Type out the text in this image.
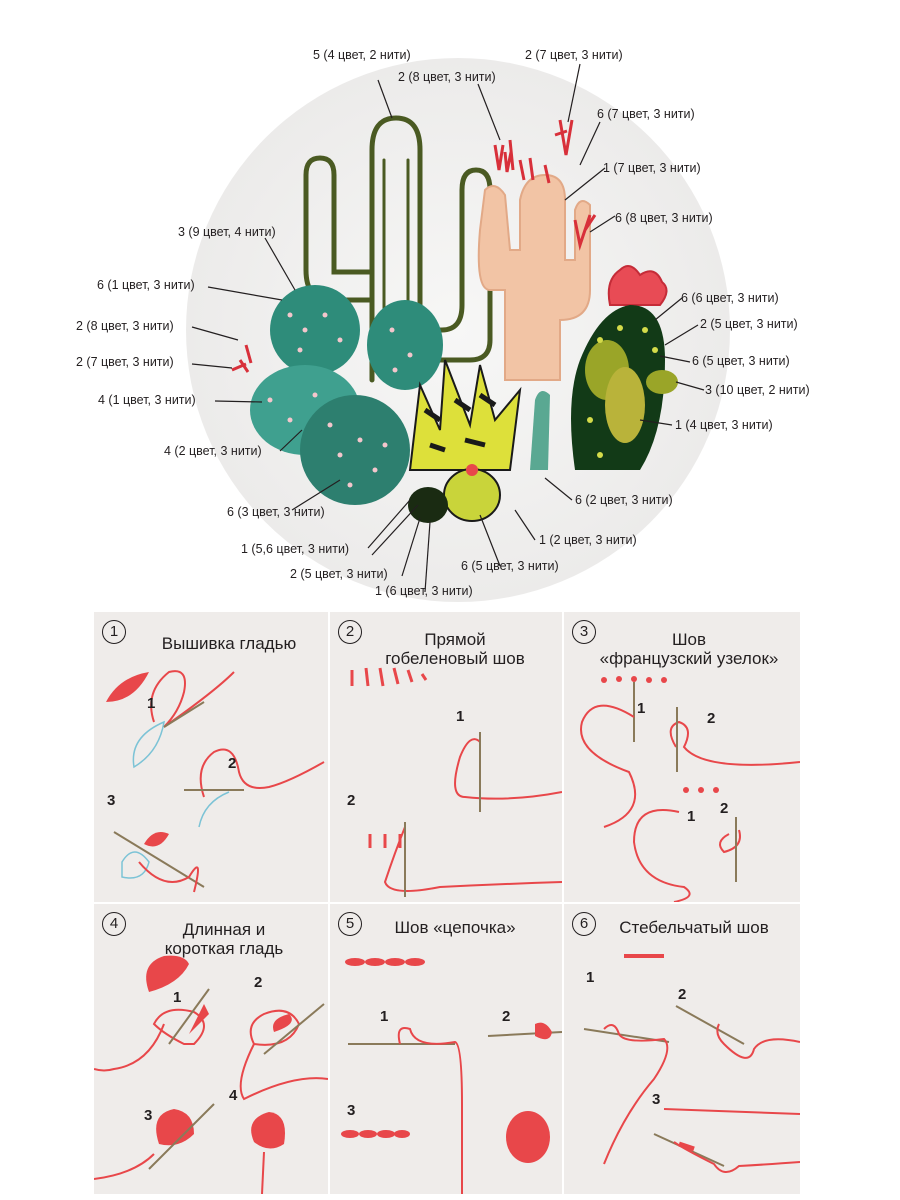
5 (4 цвет, 2 нити)	2 (7 цвет, 3 нити)
2 (8 цвет, 3 нити)
6 (7 цвет, 3 нити)
1 (7 цвет, 3 нити)
6 (8 цвет, 3 нити)
3 (9 цвет, 4 нити)
6 (1 цвет, 3 нити)
2 (8 цвет, 3 нити)
2 (7 цвет, 3 нити)
4 (1 цвет, 3 нити)
4 (2 цвет, 3 нити)
6 (3 цвет, 3 нити)
1 (5,6 цвет, 3 нити)
2 (5 цвет, 3 нити)
1 (6 цвет, 3 нити)
6 (5 цвет, 3 нити)
1 (2 цвет, 3 нити)
6 (2 цвет, 3 нити)
1 (4 цвет, 3 нити)
3 (10 цвет, 2 нити)
6 (5 цвет, 3 нити)
2 (5 цвет, 3 нити)
6 (6 цвет, 3 нити)
1
Вышивка гладью
1
2
3
2	Прямой
гобеленовый шов
1
2
3	Шов
«французский узелок»
1
2
1 2
4	Длинная и
короткая гладь
1
2
3
4
5	Шов «цепочка»
1	2
3
6	Стебельчатый шов
1
2
3
